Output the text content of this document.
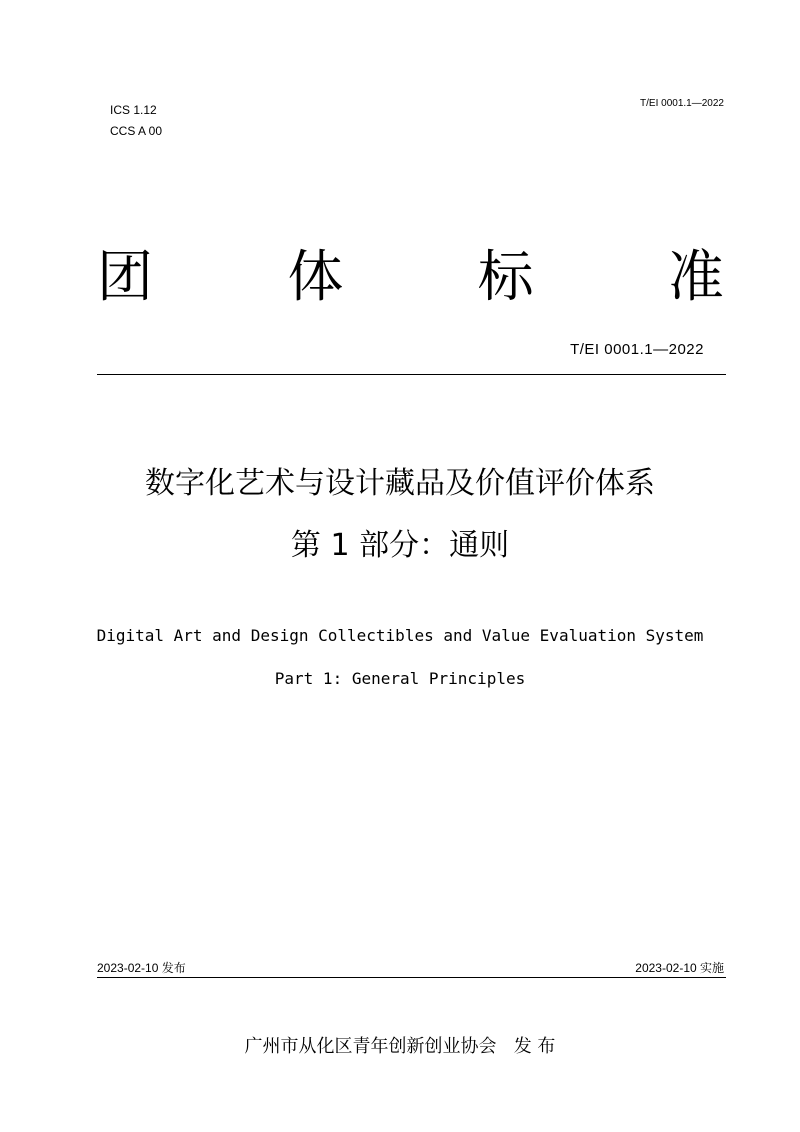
ICS 1.12
CCS A 00
T/EI 0001.1—2022
团 体 标 准
T/EI 0001.1—2022
数字化艺术与设计藏品及价值评价体系
第 1 部分：通则
Digital Art and Design Collectibles and Value Evaluation System
Part 1: General Principles
2023-02-10 发布	2023-02-10 实施
广州市从化区青年创新创业协会   发 布
